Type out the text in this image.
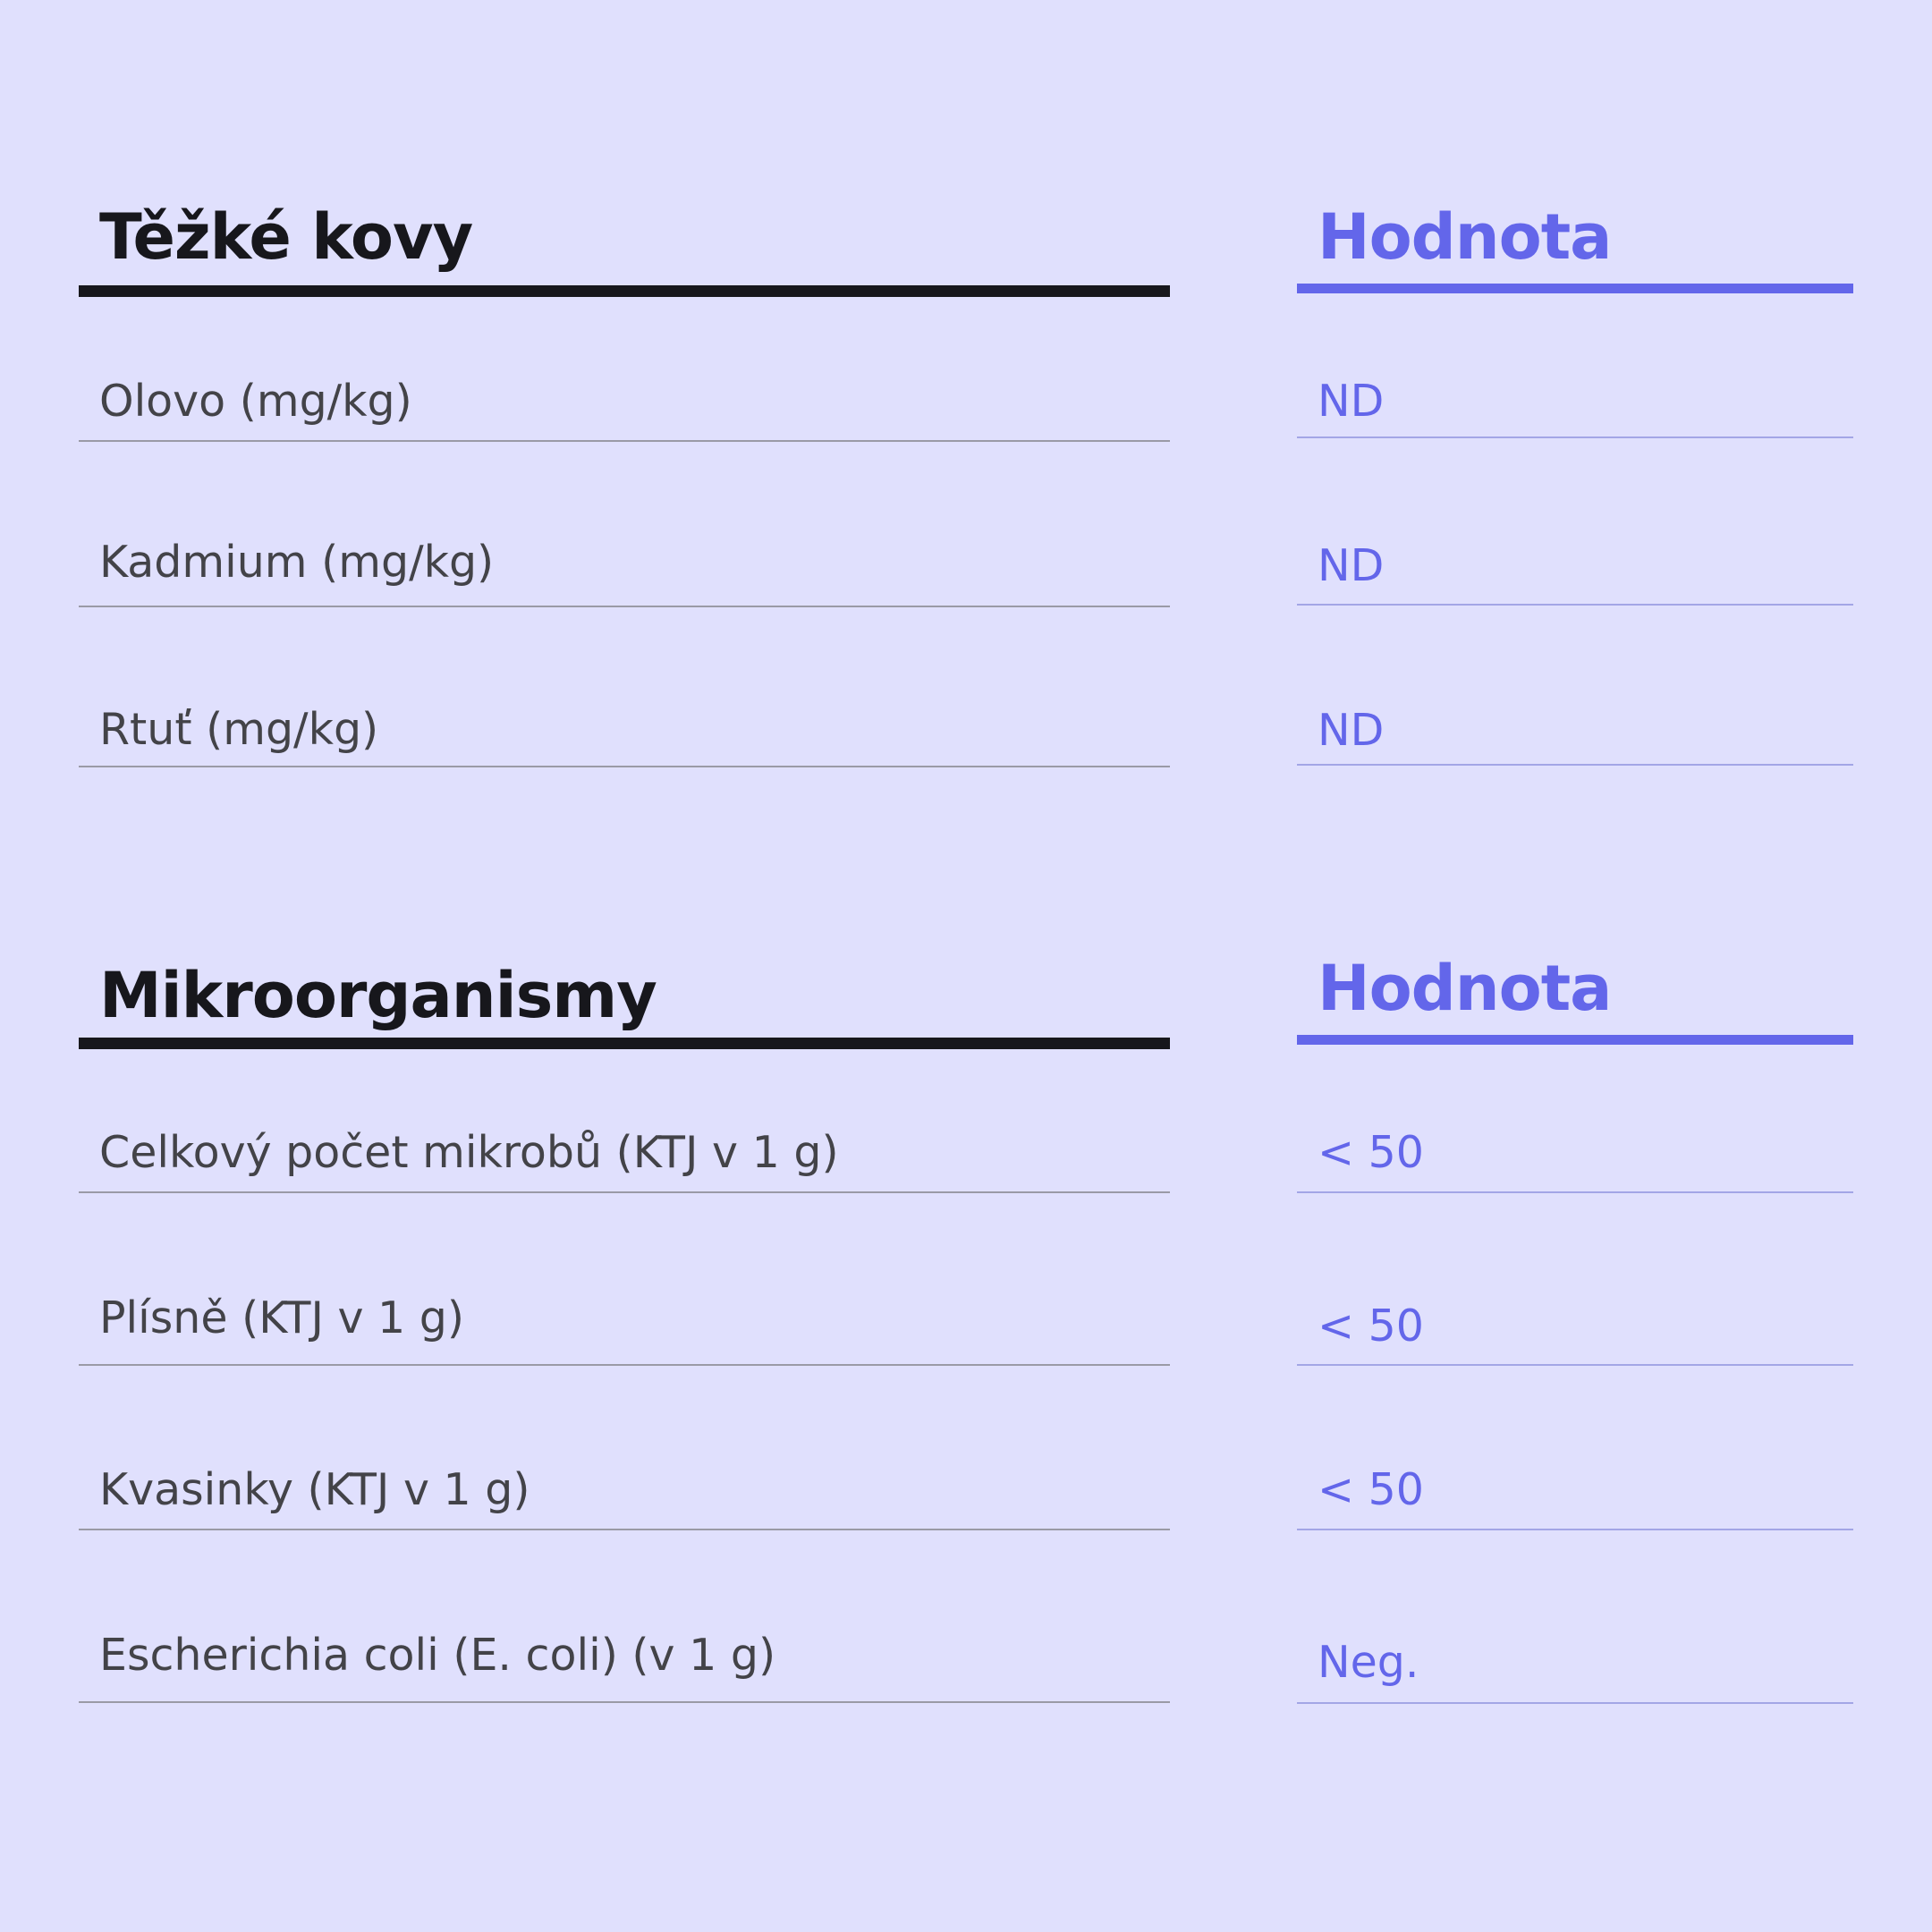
Těžké kovy	Hodnota
Olovo (mg/kg)	ND
Kadmium (mg/kg)	ND
Rtuť (mg/kg)	ND
Mikroorganismy	Hodnota
Celkový počet mikrobů (KTJ v 1 g)	< 50
Plísně (KTJ v 1 g)	< 50
Kvasinky (KTJ v 1 g)	< 50
Escherichia coli (E. coli) (v 1 g)	Neg.
